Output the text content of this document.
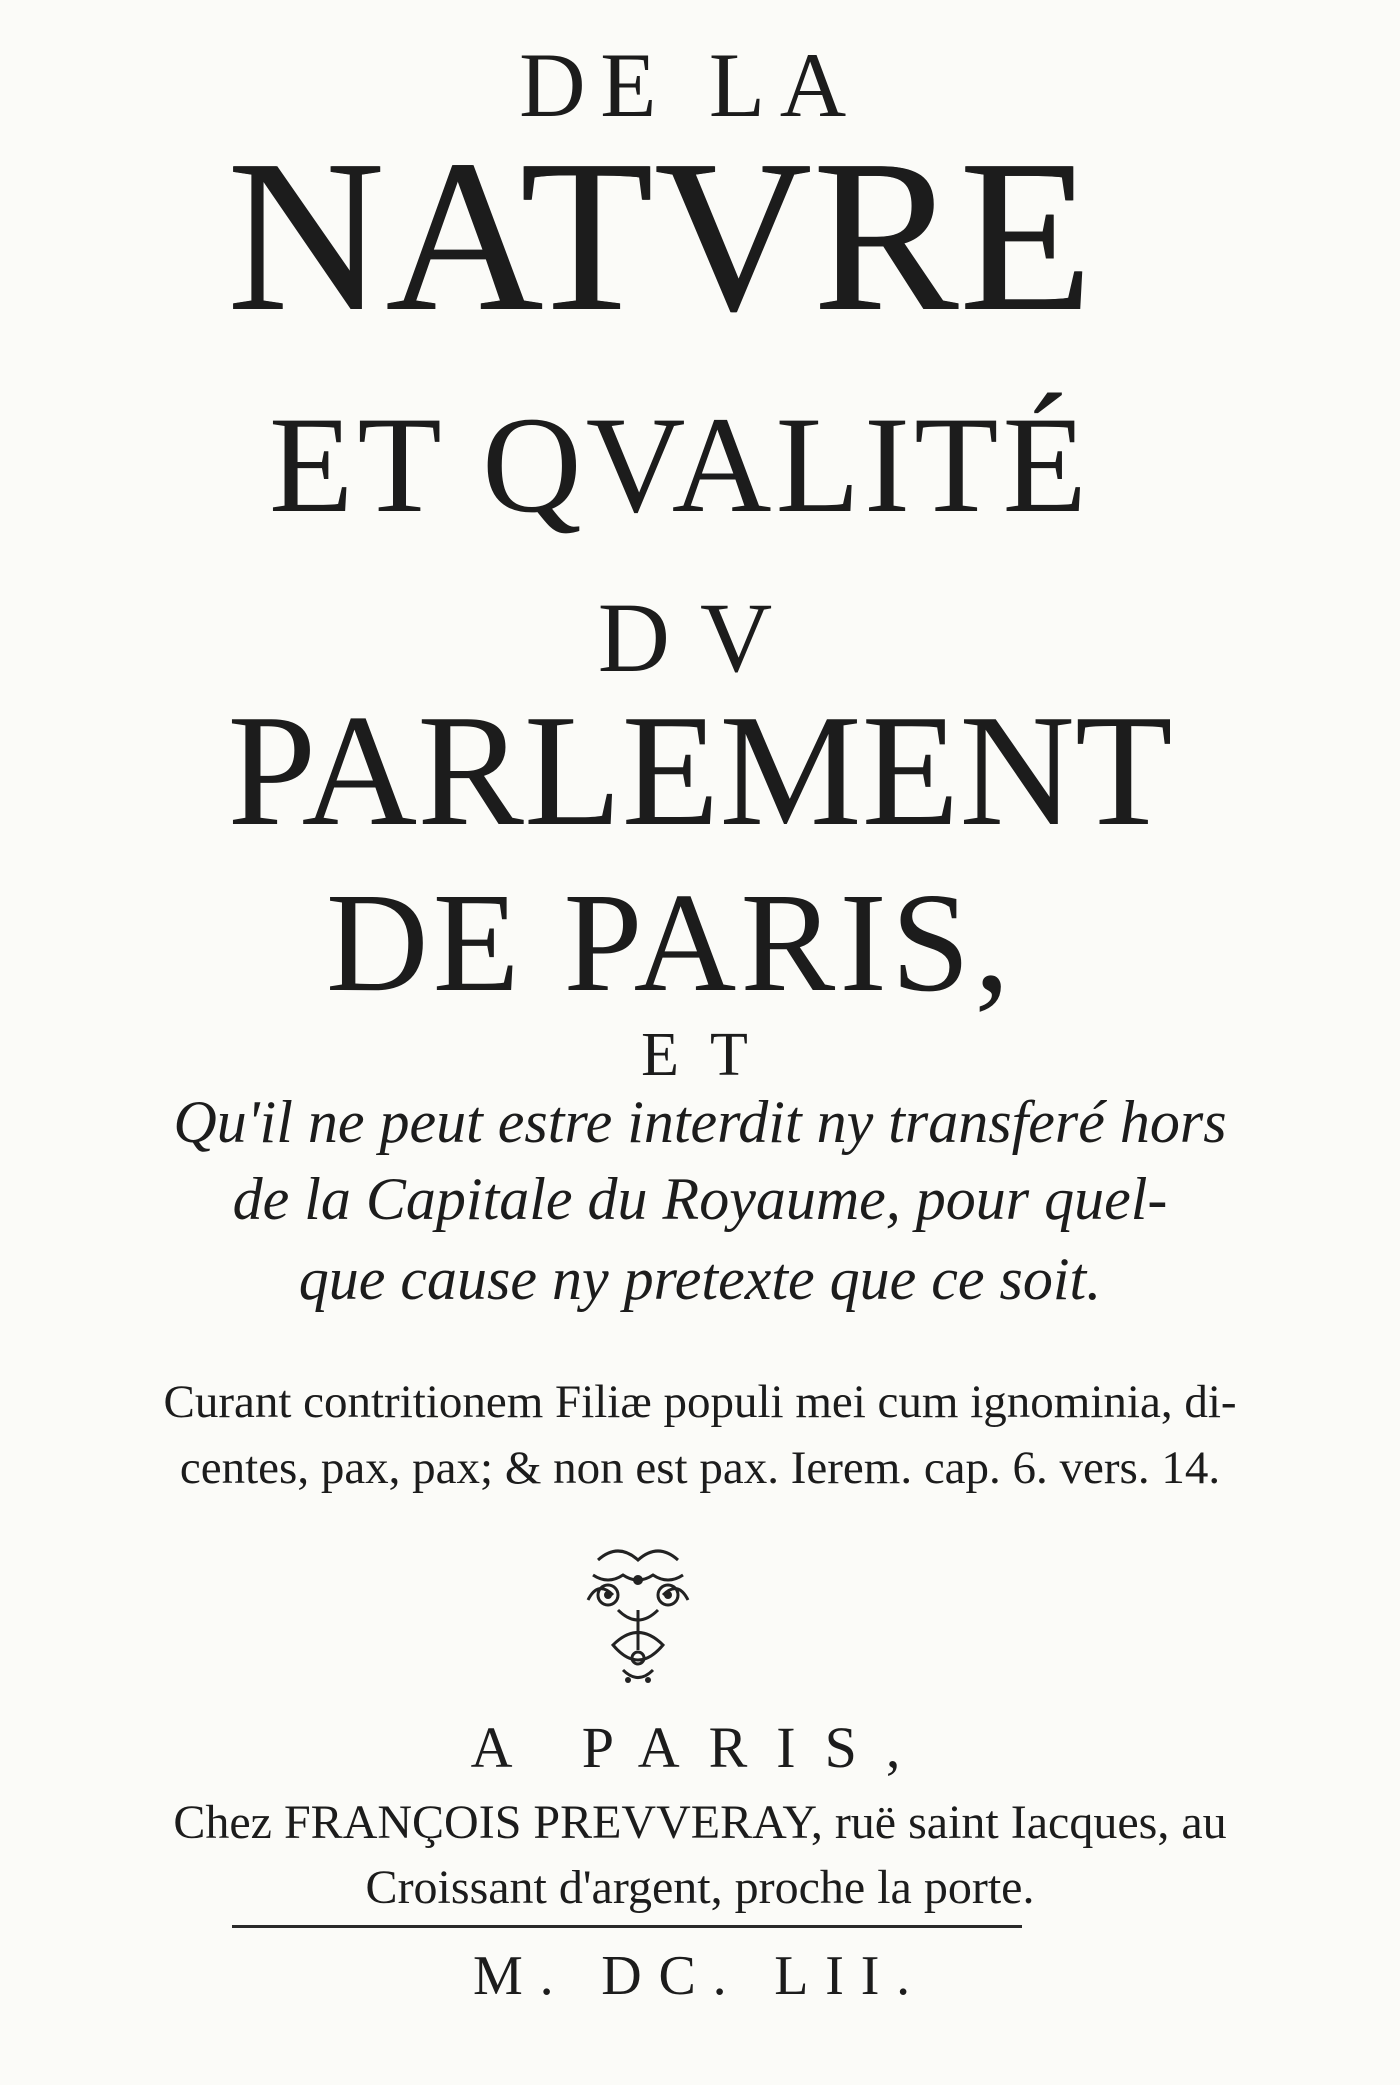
DE LA
NATVRE
ET QVALITÉ
DV
PARLEMENT
DE PARIS,
ET
Qu'il ne peut estre interdit ny transferé hors
de la Capitale du Royaume, pour quel-
que cause ny pretexte que ce soit.
Curant contritionem Filiæ populi mei cum ignominia, di-
centes, pax, pax; & non est pax. Ierem. cap. 6. vers. 14.
A PARIS,
Chez FRANÇOIS PREVVERAY, ruë saint Iacques, au
Croissant d'argent, proche la porte.
M. DC. LII.
